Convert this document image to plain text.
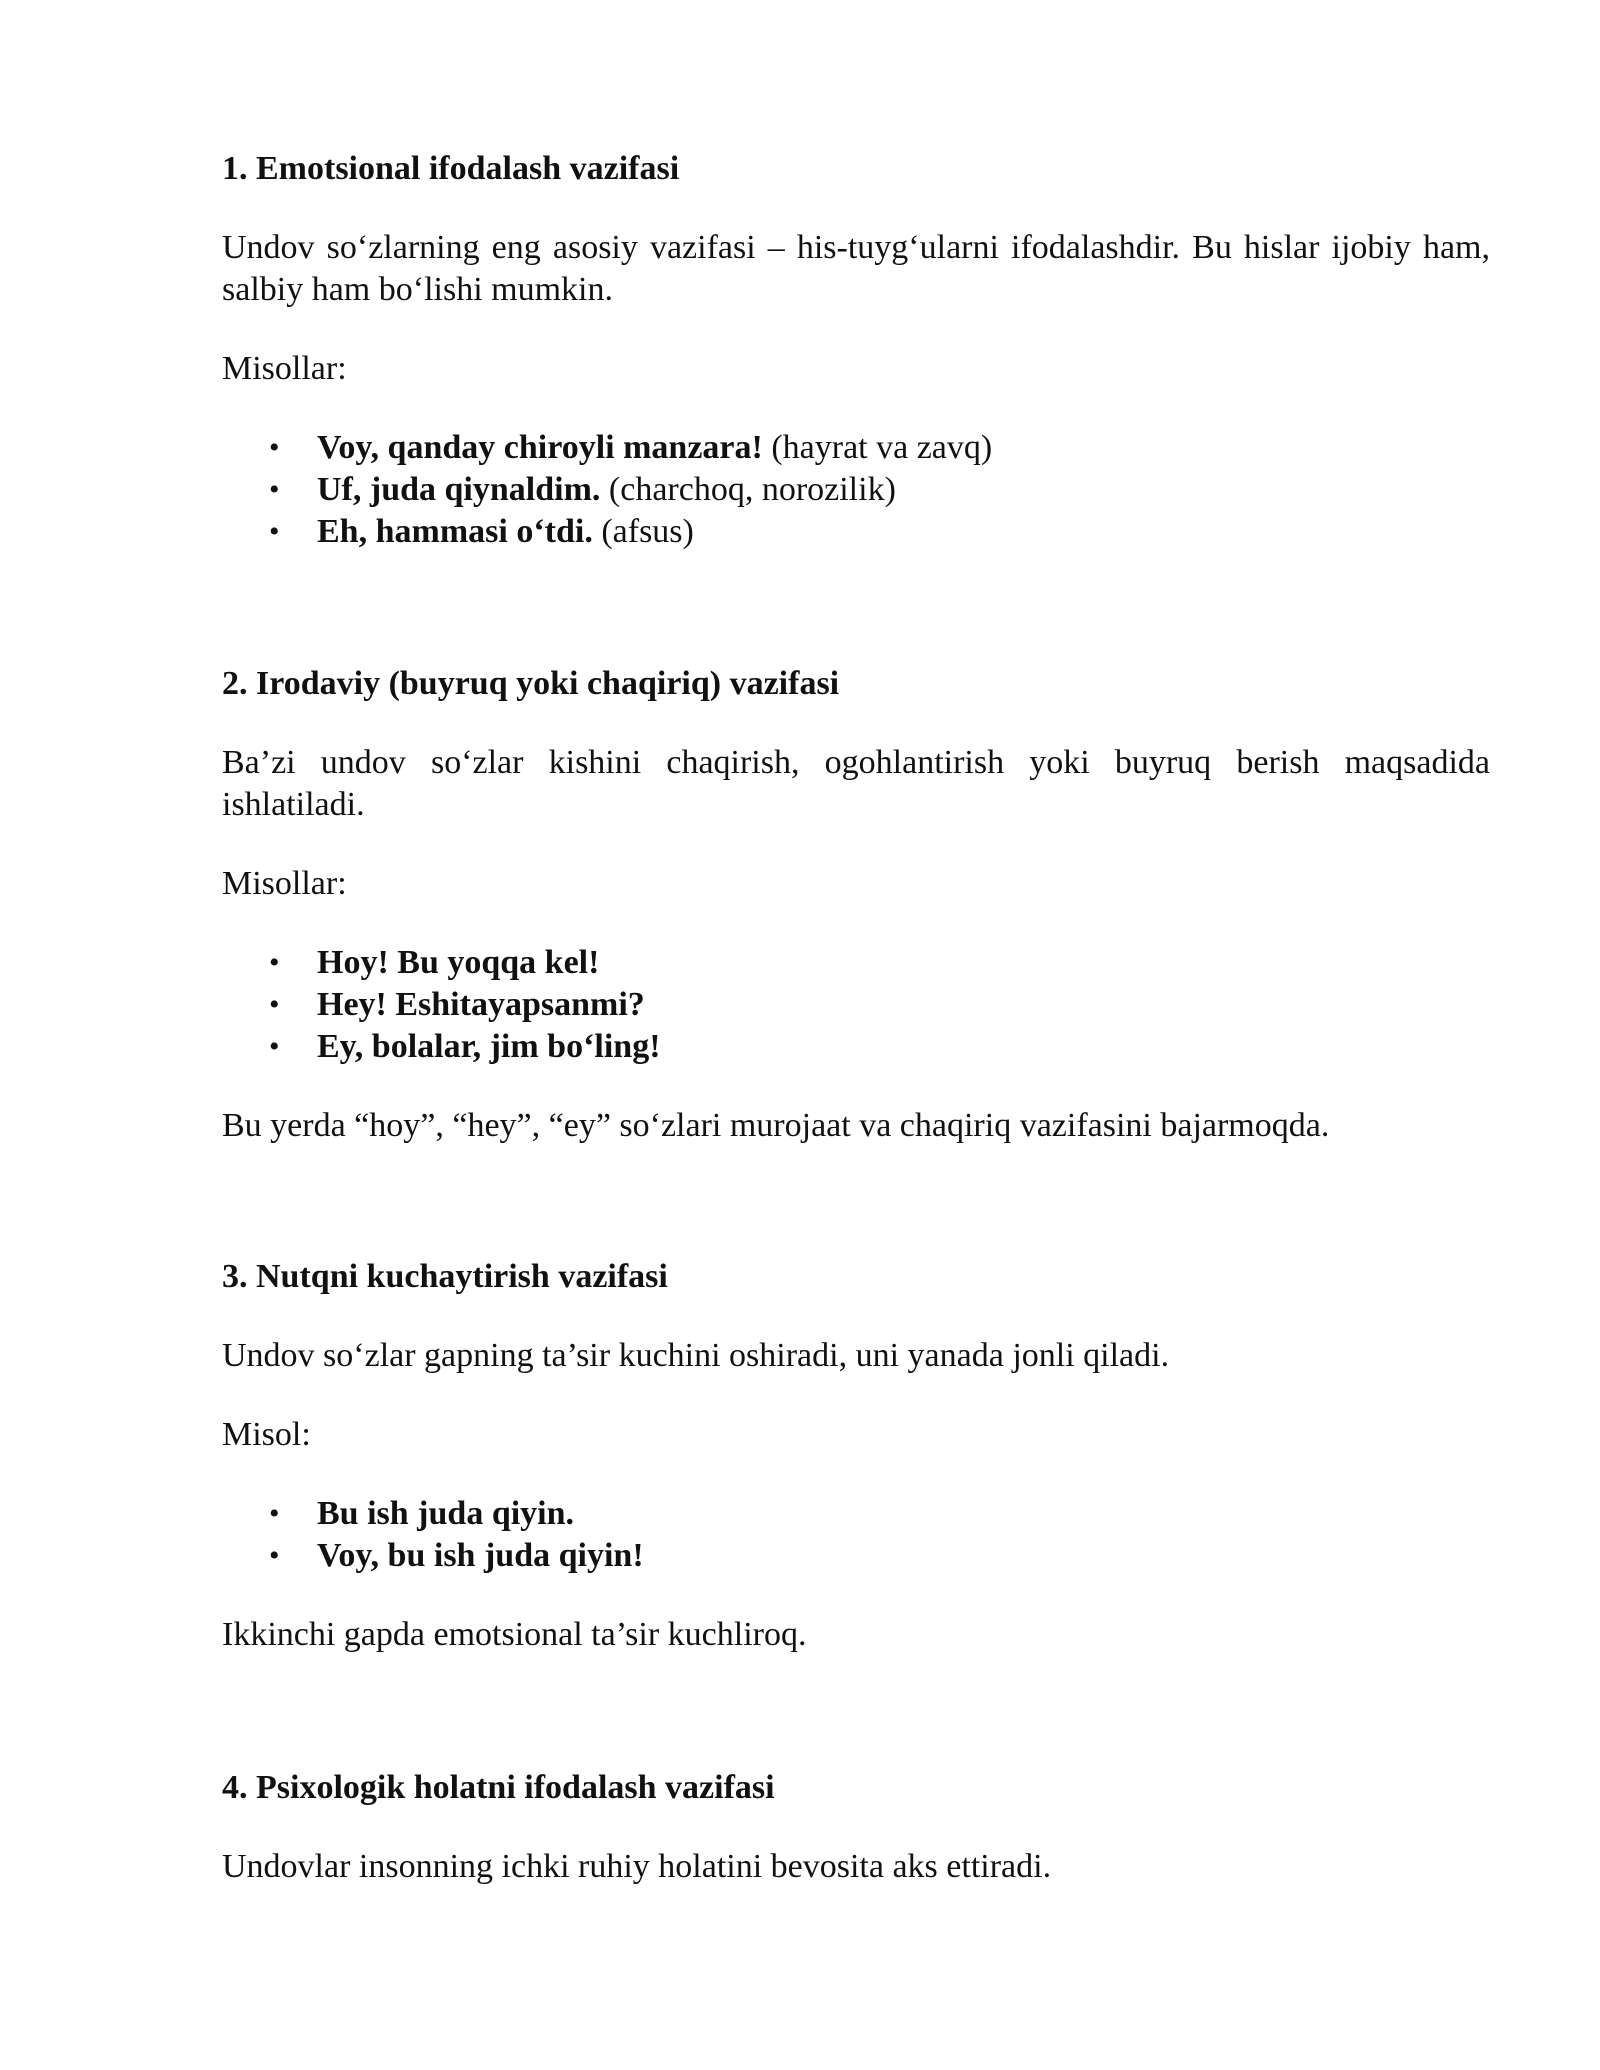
1. Emotsional ifodalash vazifasi

Undov so‘zlarning eng asosiy vazifasi – his-tuyg‘ularni ifodalashdir. Bu hislar ijobiy ham, salbiy ham bo‘lishi mumkin.

Misollar:

• Voy, qanday chiroyli manzara! (hayrat va zavq)
• Uf, juda qiynaldim. (charchoq, norozilik)
• Eh, hammasi o‘tdi. (afsus)
2. Irodaviy (buyruq yoki chaqiriq) vazifasi

Ba’zi undov so‘zlar kishini chaqirish, ogohlantirish yoki buyruq berish maqsadida ishlatiladi.

Misollar:

• Hoy! Bu yoqqa kel!
• Hey! Eshitayapsanmi?
• Ey, bolalar, jim bo‘ling!

Bu yerda “hoy”, “hey”, “ey” so‘zlari murojaat va chaqiriq vazifasini bajarmoqda.

3. Nutqni kuchaytirish vazifasi

Undov so‘zlar gapning ta’sir kuchini oshiradi, uni yanada jonli qiladi.

Misol:

• Bu ish juda qiyin.
• Voy, bu ish juda qiyin!

Ikkinchi gapda emotsional ta’sir kuchliroq.

4. Psixologik holatni ifodalash vazifasi

Undovlar insonning ichki ruhiy holatini bevosita aks ettiradi.
